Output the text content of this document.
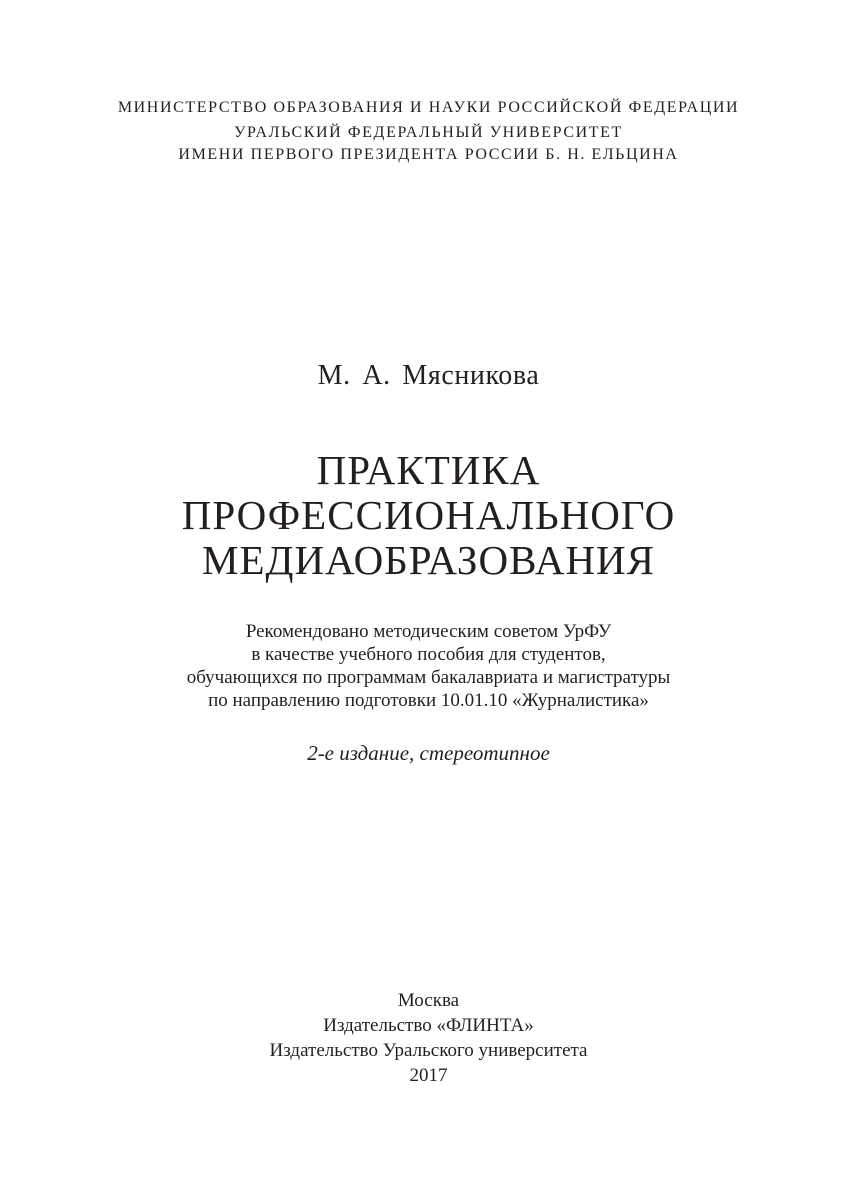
МИНИСТЕРСТВО ОБРАЗОВАНИЯ И НАУКИ РОССИЙСКОЙ ФЕДЕРАЦИИ
УРАЛЬСКИЙ ФЕДЕРАЛЬНЫЙ УНИВЕРСИТЕТ
ИМЕНИ ПЕРВОГО ПРЕЗИДЕНТА РОССИИ Б. Н. ЕЛЬЦИНА
М. А. Мясникова
ПРАКТИКА
ПРОФЕССИОНАЛЬНОГО
МЕДИАОБРАЗОВАНИЯ
Рекомендовано методическим советом УрФУ
в качестве учебного пособия для студентов,
обучающихся по программам бакалавриата и магистратуры
по направлению подготовки 10.01.10 «Журналистика»
2-е издание, стереотипное
Москва
Издательство «ФЛИНТА»
Издательство Уральского университета
2017
